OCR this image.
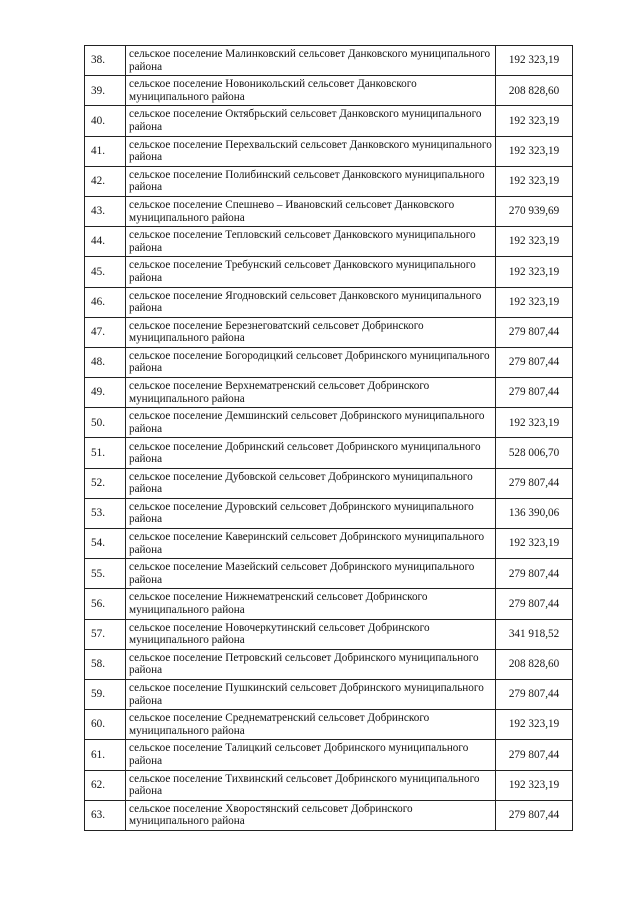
38.	сельское поселение Малинковский сельсовет Данковского муниципального района	192 323,19
39.	сельское поселение Новоникольский сельсовет Данковского муниципального района	208 828,60
40.	сельское поселение Октябрьский сельсовет Данковского муниципального района	192 323,19
41.	сельское поселение Перехвальский сельсовет Данковского муниципального района	192 323,19
42.	сельское поселение Полибинский сельсовет Данковского муниципального района	192 323,19
43.	сельское поселение Спешнево – Ивановский сельсовет Данковского муниципального района	270 939,69
44.	сельское поселение Тепловский сельсовет Данковского муниципального района	192 323,19
45.	сельское поселение Требунский сельсовет Данковского муниципального района	192 323,19
46.	сельское поселение Ягодновский сельсовет Данковского муниципального района	192 323,19
47.	сельское поселение Березнеговатский сельсовет Добринского муниципального района	279 807,44
48.	сельское поселение Богородицкий сельсовет Добринского муниципального района	279 807,44
49.	сельское поселение Верхнематренский сельсовет Добринского муниципального района	279 807,44
50.	сельское поселение Демшинский сельсовет Добринского муниципального района	192 323,19
51.	сельское поселение Добринский сельсовет Добринского муниципального района	528 006,70
52.	сельское поселение Дубовской сельсовет Добринского муниципального района	279 807,44
53.	сельское поселение Дуровский сельсовет Добринского муниципального района	136 390,06
54.	сельское поселение Каверинский сельсовет Добринского муниципального района	192 323,19
55.	сельское поселение Мазейский сельсовет Добринского муниципального района	279 807,44
56.	сельское поселение Нижнематренский сельсовет Добринского муниципального района	279 807,44
57.	сельское поселение Новочеркутинский сельсовет Добринского муниципального района	341 918,52
58.	сельское поселение Петровский сельсовет Добринского муниципального района	208 828,60
59.	сельское поселение Пушкинский сельсовет Добринского муниципального района	279 807,44
60.	сельское поселение Среднематренский сельсовет Добринского муниципального района	192 323,19
61.	сельское поселение Талицкий сельсовет Добринского муниципального района	279 807,44
62.	сельское поселение Тихвинский сельсовет Добринского муниципального района	192 323,19
63.	сельское поселение Хворостянский сельсовет Добринского муниципального района	279 807,44
